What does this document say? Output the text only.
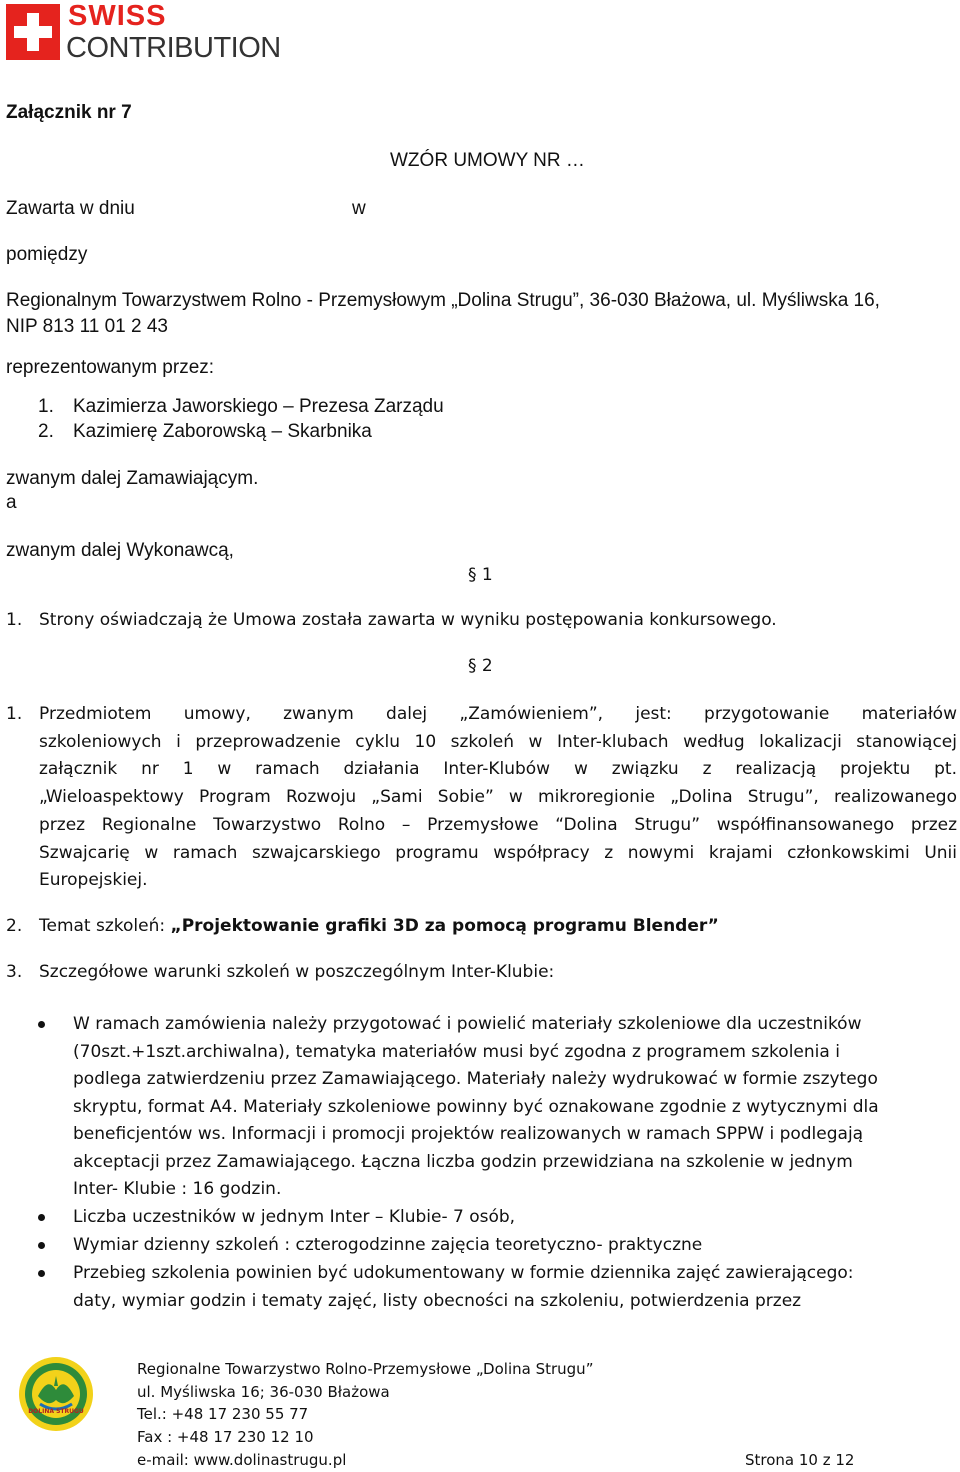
SWISS
CONTRIBUTION
Załącznik nr 7
WZÓR UMOWY NR …
Zawarta w dniu	w
pomiędzy
Regionalnym Towarzystwem Rolno - Przemysłowym „Dolina Strugu”, 36-030 Błażowa, ul. Myśliwska 16,
NIP 813 11 01 2 43
reprezentowanym przez:
1. Kazimierza Jaworskiego – Prezesa Zarządu
2. Kazimierę Zaborowską – Skarbnika
zwanym dalej Zamawiającym.
a
zwanym dalej Wykonawcą,
§ 1
1. Strony oświadczają że Umowa została zawarta w wyniku postępowania konkursowego.
§ 2
1. Przedmiotem umowy, zwanym dalej „Zamówieniem”, jest: przygotowanie materiałów
szkoleniowych i przeprowadzenie cyklu 10 szkoleń w Inter-klubach według lokalizacji stanowiącej
załącznik nr 1 w ramach działania Inter-Klubów w związku z realizacją projektu pt.
„Wieloaspektowy Program Rozwoju „Sami Sobie” w mikroregionie „Dolina Strugu”, realizowanego
przez Regionalne Towarzystwo Rolno – Przemysłowe “Dolina Strugu” współfinansowanego przez
Szwajcarię w ramach szwajcarskiego programu współpracy z nowymi krajami członkowskimi Unii
Europejskiej.
2. Temat szkoleń: „Projektowanie grafiki 3D za pomocą programu Blender”
3. Szczegółowe warunki szkoleń w poszczególnym Inter-Klubie:
W ramach zamówienia należy przygotować i powielić materiały szkoleniowe dla uczestników
(70szt.+1szt.archiwalna), tematyka materiałów musi być zgodna z programem szkolenia i
podlega zatwierdzeniu przez Zamawiającego. Materiały należy wydrukować w formie zszytego
skryptu, format A4. Materiały szkoleniowe powinny być oznakowane zgodnie z wytycznymi dla
beneficjentów ws. Informacji i promocji projektów realizowanych w ramach SPPW i podlegają
akceptacji przez Zamawiającego. Łączna liczba godzin przewidziana na szkolenie w jednym
Inter- Klubie : 16 godzin.
Liczba uczestników w jednym Inter – Klubie- 7 osób,
Wymiar dzienny szkoleń : czterogodzinne zajęcia teoretyczno- praktyczne
Przebieg szkolenia powinien być udokumentowany w formie dziennika zajęć zawierającego:
daty, wymiar godzin i tematy zajęć, listy obecności na szkoleniu, potwierdzenia przez
DOLINA STRUGU
Regionalne Towarzystwo Rolno-Przemysłowe „Dolina Strugu”
ul. Myśliwska 16; 36-030 Błażowa
Tel.: +48 17 230 55 77
Fax : +48 17 230 12 10
e-mail: www.dolinastrugu.pl	Strona 10 z 12
